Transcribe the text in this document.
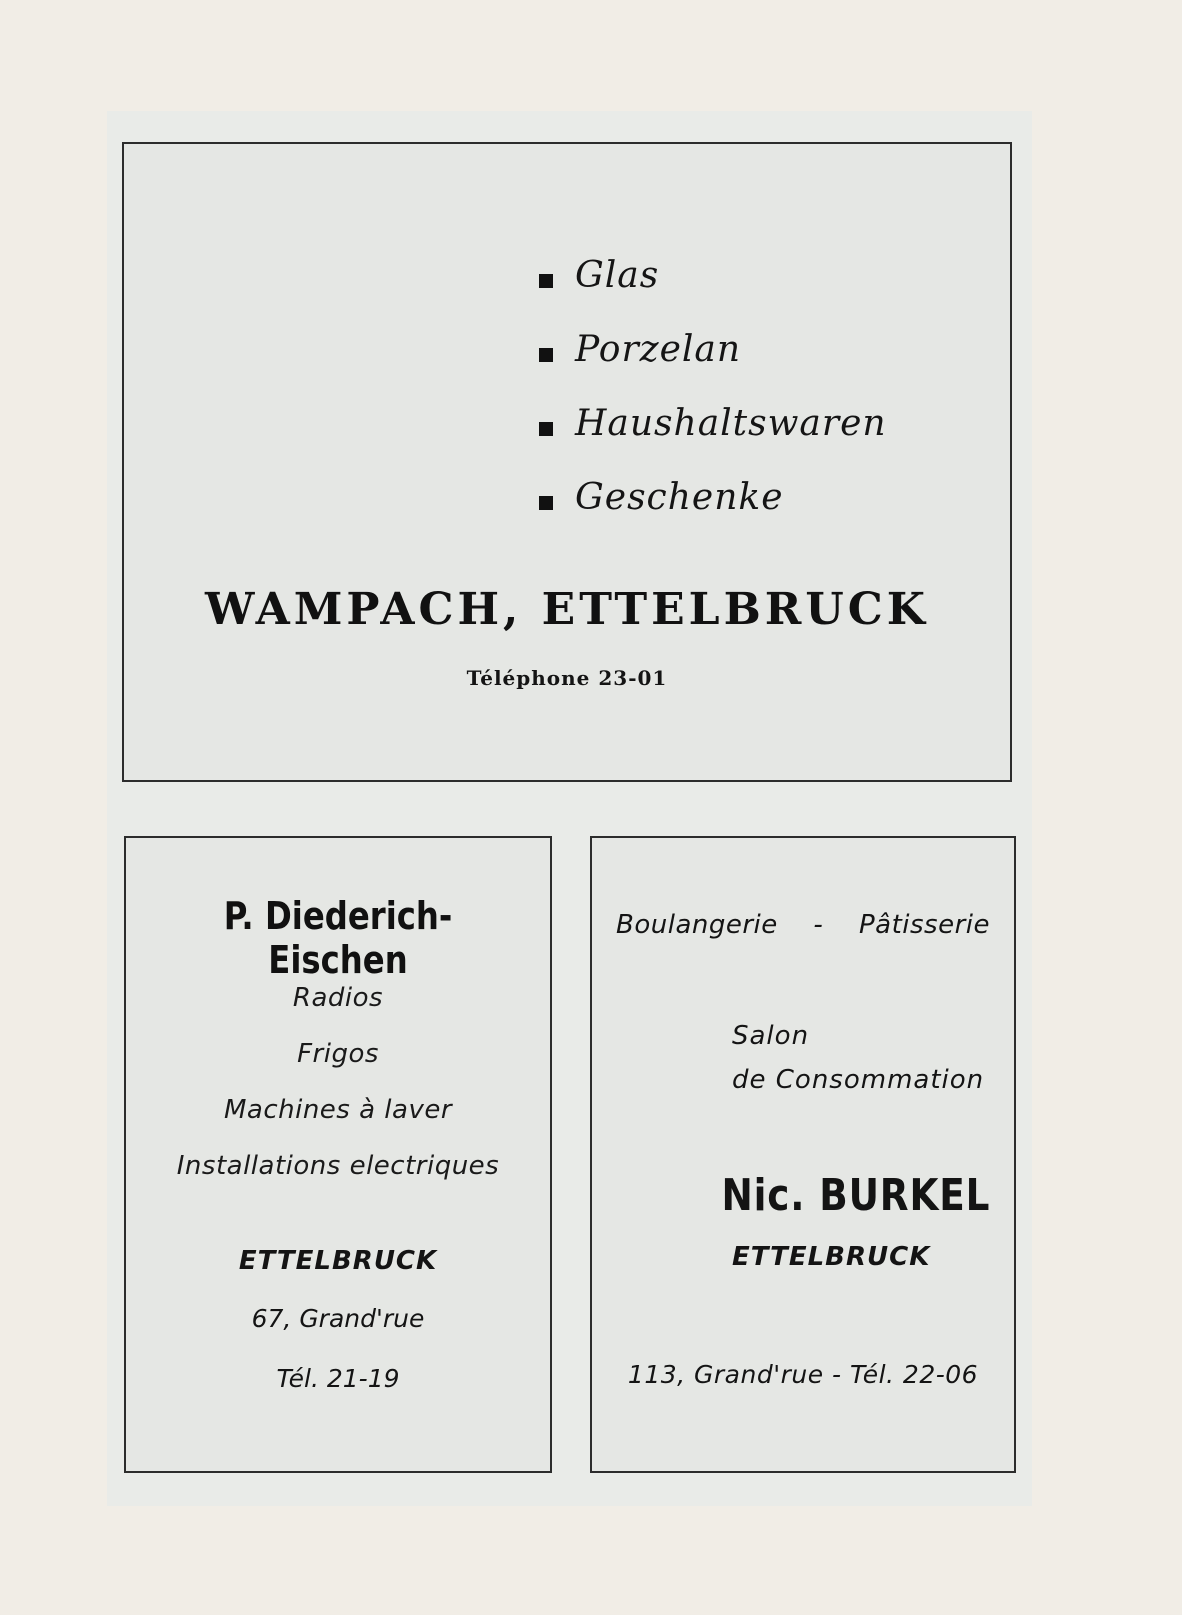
Glas
Porzelan
Haushaltswaren
Geschenke
WAMPACH, ETTELBRUCK
Téléphone 23-01
P. Diederich-Eischen
Radios
Frigos
Machines à laver
Installations electriques
ETTELBRUCK
67, Grand'rue
Tél. 21-19
Boulangerie - Pâtisserie
Salon
de Consommation
Nic. BURKEL
ETTELBRUCK
113, Grand'rue - Tél. 22-06
